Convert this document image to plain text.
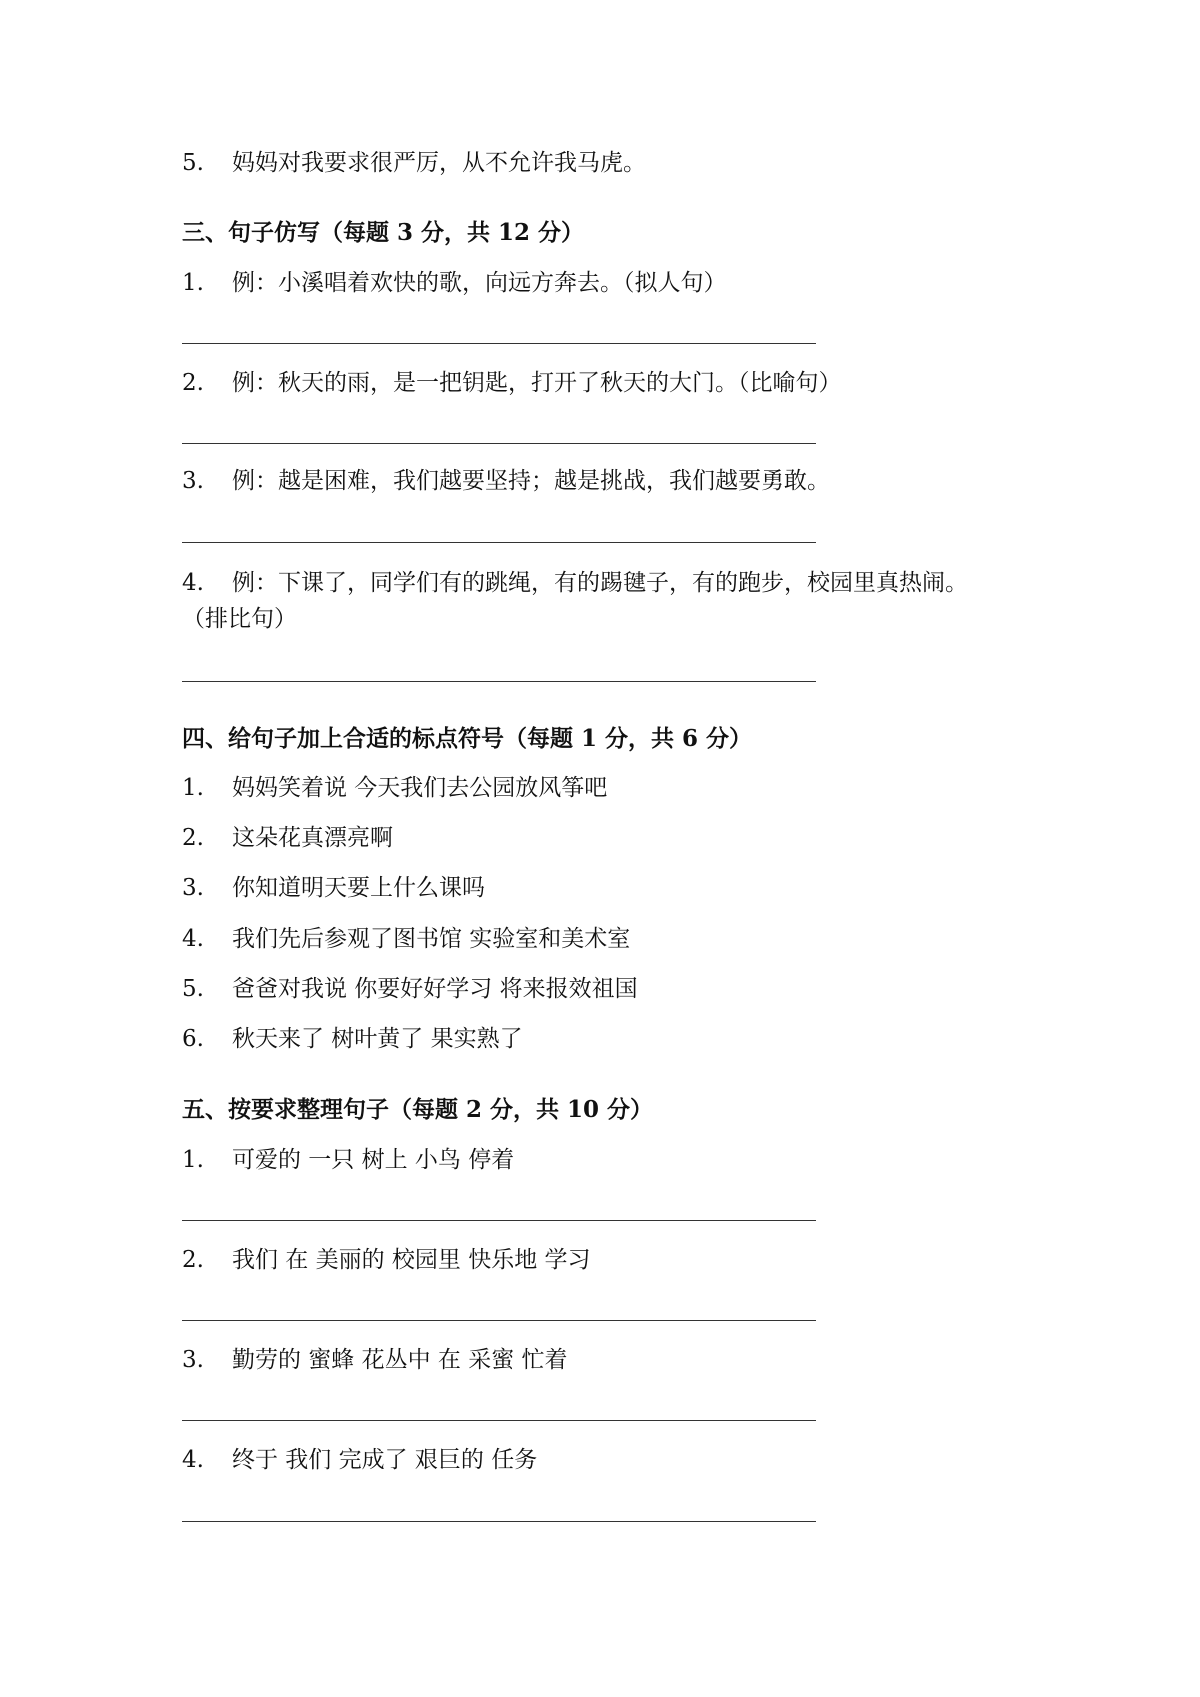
5. 妈妈对我要求很严厉，从不允许我马虎。
三、句子仿写（每题 3 分，共 12 分）
1. 例：小溪唱着欢快的歌，向远方奔去。（拟人句）
2. 例：秋天的雨，是一把钥匙，打开了秋天的大门。（比喻句）
3. 例：越是困难，我们越要坚持；越是挑战，我们越要勇敢。
4. 例：下课了，同学们有的跳绳，有的踢毽子，有的跑步，校园里真热闹。
（排比句）
四、给句子加上合适的标点符号（每题 1 分，共 6 分）
1. 妈妈笑着说 今天我们去公园放风筝吧
2. 这朵花真漂亮啊
3. 你知道明天要上什么课吗
4. 我们先后参观了图书馆 实验室和美术室
5. 爸爸对我说 你要好好学习 将来报效祖国
6. 秋天来了 树叶黄了 果实熟了
五、按要求整理句子（每题 2 分，共 10 分）
1. 可爱的 一只 树上 小鸟 停着
2. 我们 在 美丽的 校园里 快乐地 学习
3. 勤劳的 蜜蜂 花丛中 在 采蜜 忙着
4. 终于 我们 完成了 艰巨的 任务
